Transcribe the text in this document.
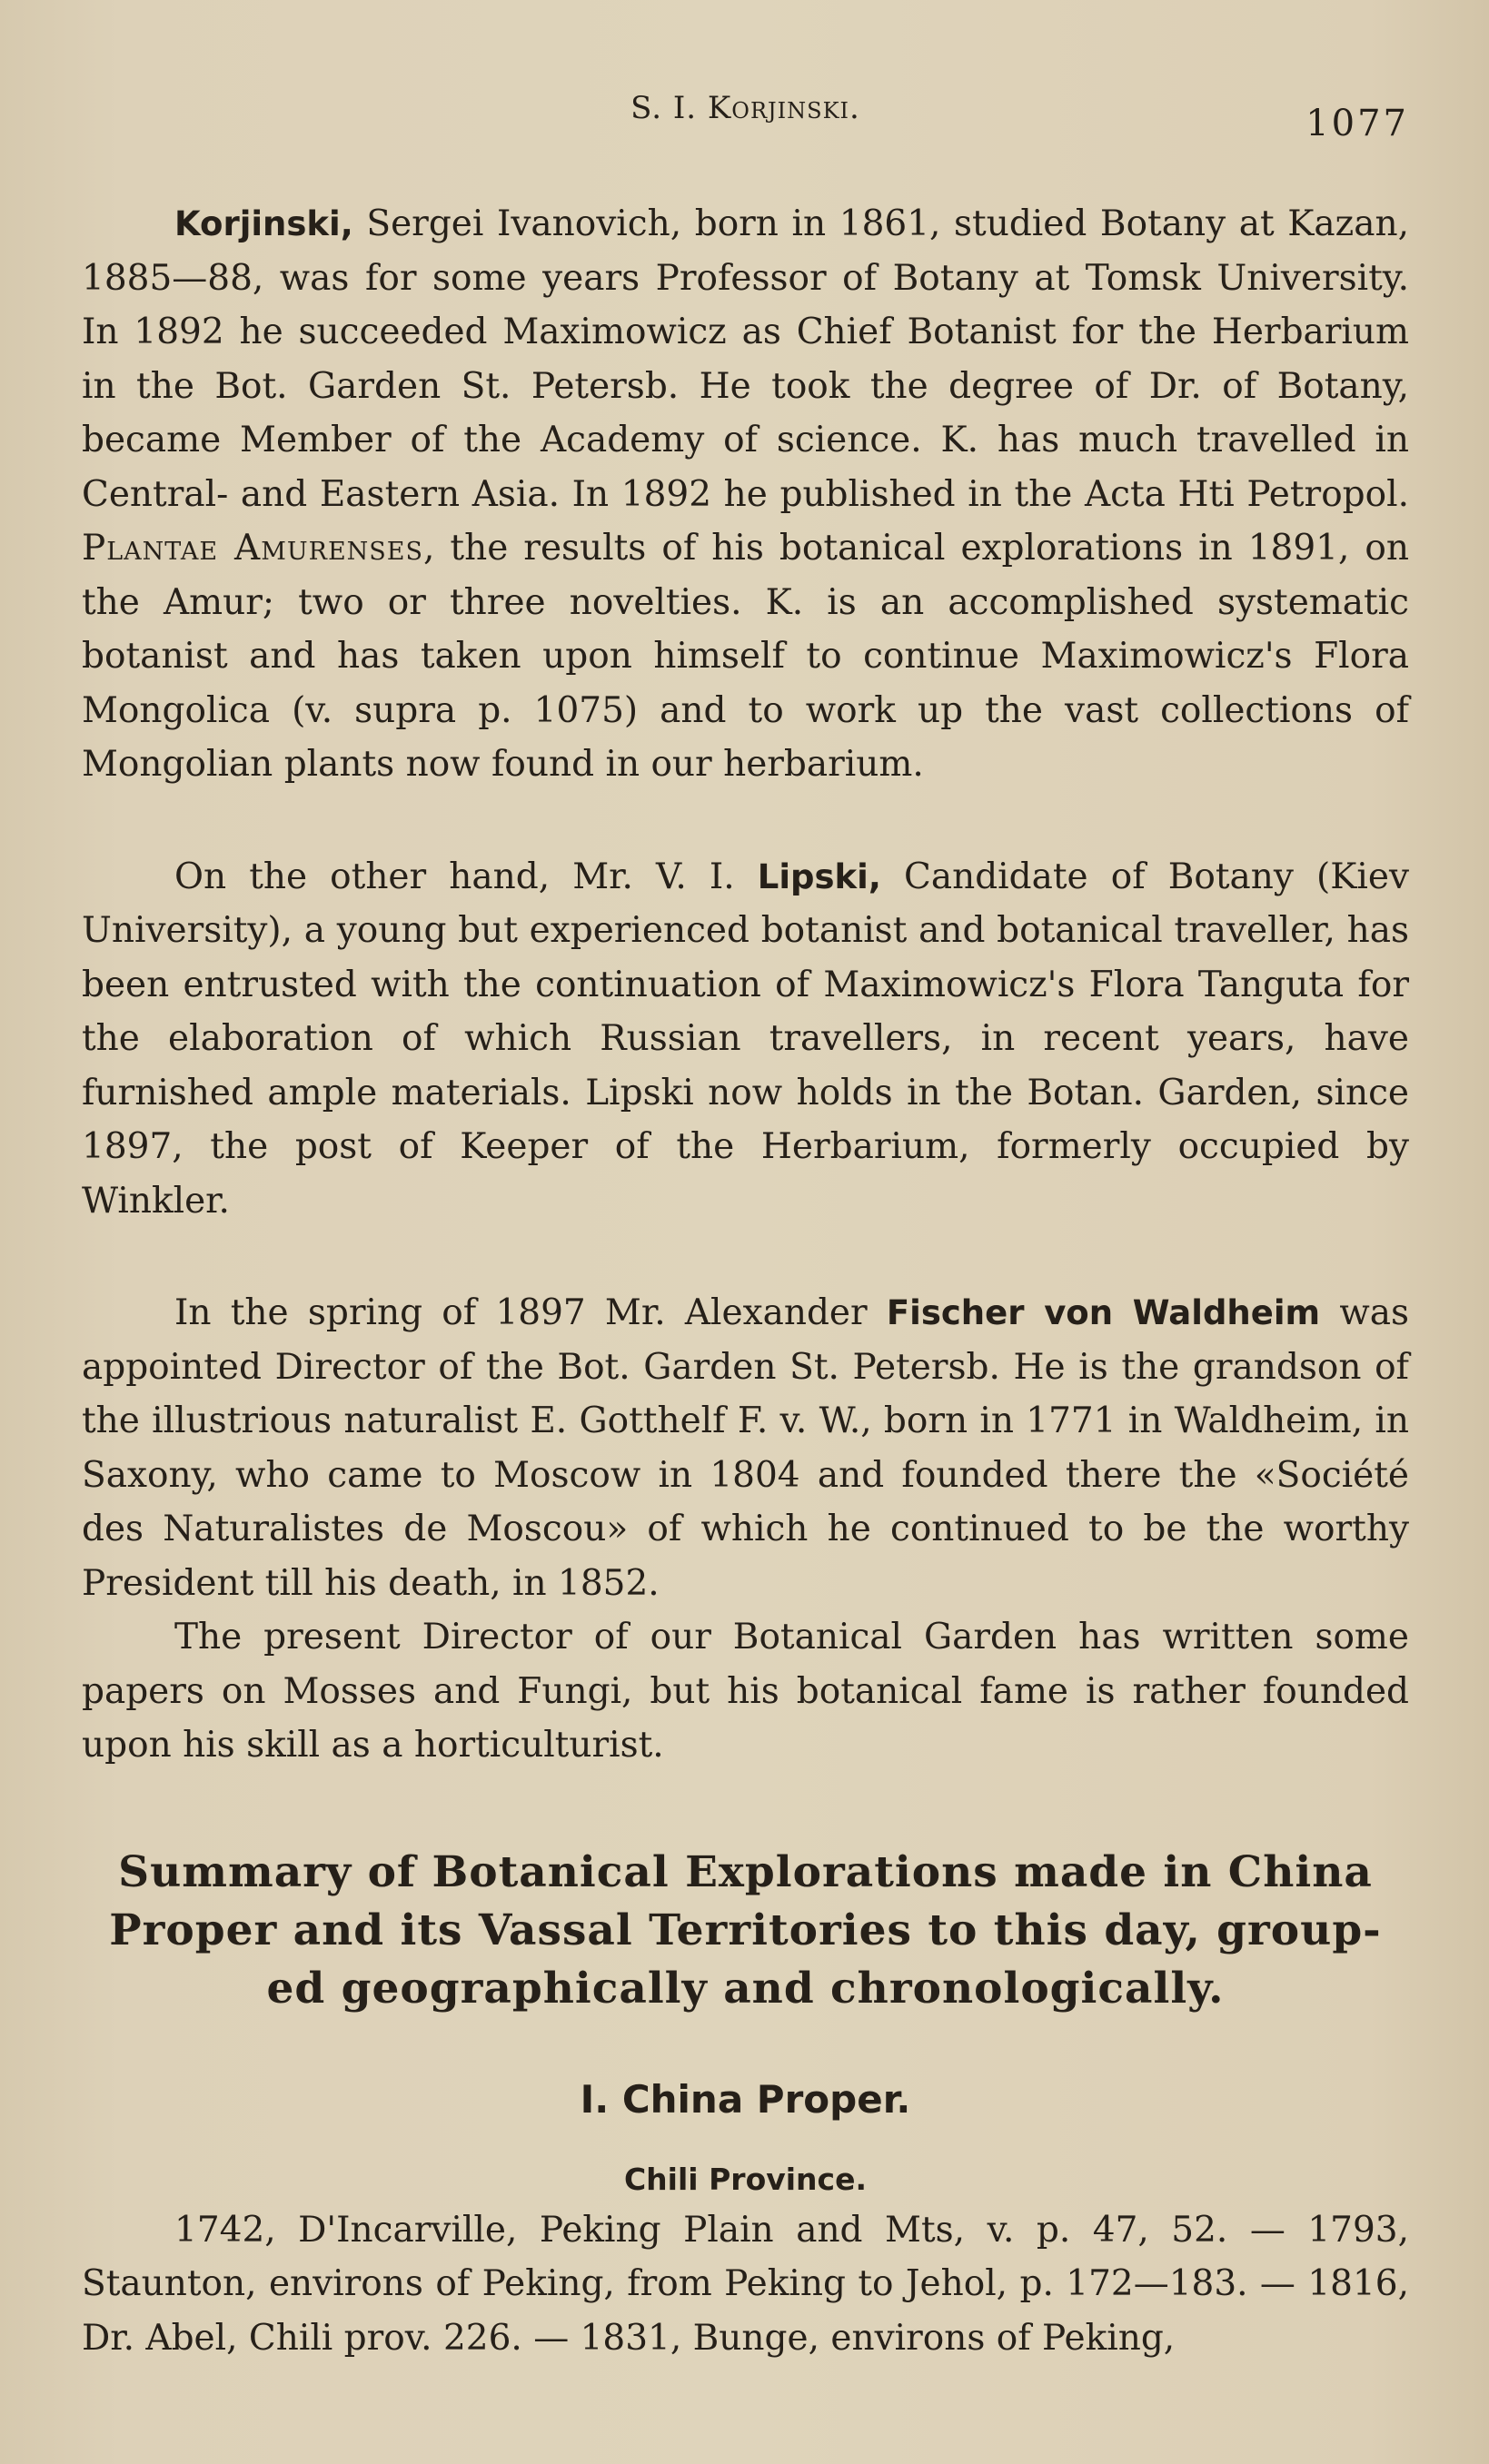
S. I. Korjinski.	1077

Korjinski, Sergei Ivanovich, born in 1861, studied Botany at Kazan, 1885—88, was for some years Professor of Botany at Tomsk University. In 1892 he succeeded Maximowicz as Chief Botanist for the Herbarium in the Bot. Garden St. Petersb. He took the degree of Dr. of Botany, became Member of the Academy of science. K. has much travelled in Central- and Eastern Asia. In 1892 he published in the Acta Hti Petropol. Plantae Amurenses, the results of his botanical explorations in 1891, on the Amur; two or three novelties. K. is an accomplished systematic botanist and has taken upon himself to continue Maximowicz's Flora Mongolica (v. supra p. 1075) and to work up the vast collections of Mongolian plants now found in our herbarium.

On the other hand, Mr. V. I. Lipski, Candidate of Botany (Kiev University), a young but experienced botanist and botanical traveller, has been entrusted with the continuation of Maximowicz's Flora Tanguta for the elaboration of which Russian travellers, in recent years, have furnished ample materials. Lipski now holds in the Botan. Garden, since 1897, the post of Keeper of the Herbarium, formerly occupied by Winkler.

In the spring of 1897 Mr. Alexander Fischer von Waldheim was appointed Director of the Bot. Garden St. Petersb. He is the grandson of the illustrious naturalist E. Gotthelf F. v. W., born in 1771 in Waldheim, in Saxony, who came to Moscow in 1804 and founded there the «Société des Naturalistes de Moscou» of which he continued to be the worthy President till his death, in 1852.

The present Director of our Botanical Garden has written some papers on Mosses and Fungi, but his botanical fame is rather founded upon his skill as a horticulturist.

Summary of Botanical Explorations made in China
Proper and its Vassal Territories to this day, group-
ed geographically and chronologically.
I. China Proper.
Chili Province.

1742, D'Incarville, Peking Plain and Mts, v. p. 47, 52. — 1793, Staunton, environs of Peking, from Peking to Jehol, p. 172—183. — 1816, Dr. Abel, Chili prov. 226. — 1831, Bunge, environs of Peking,
